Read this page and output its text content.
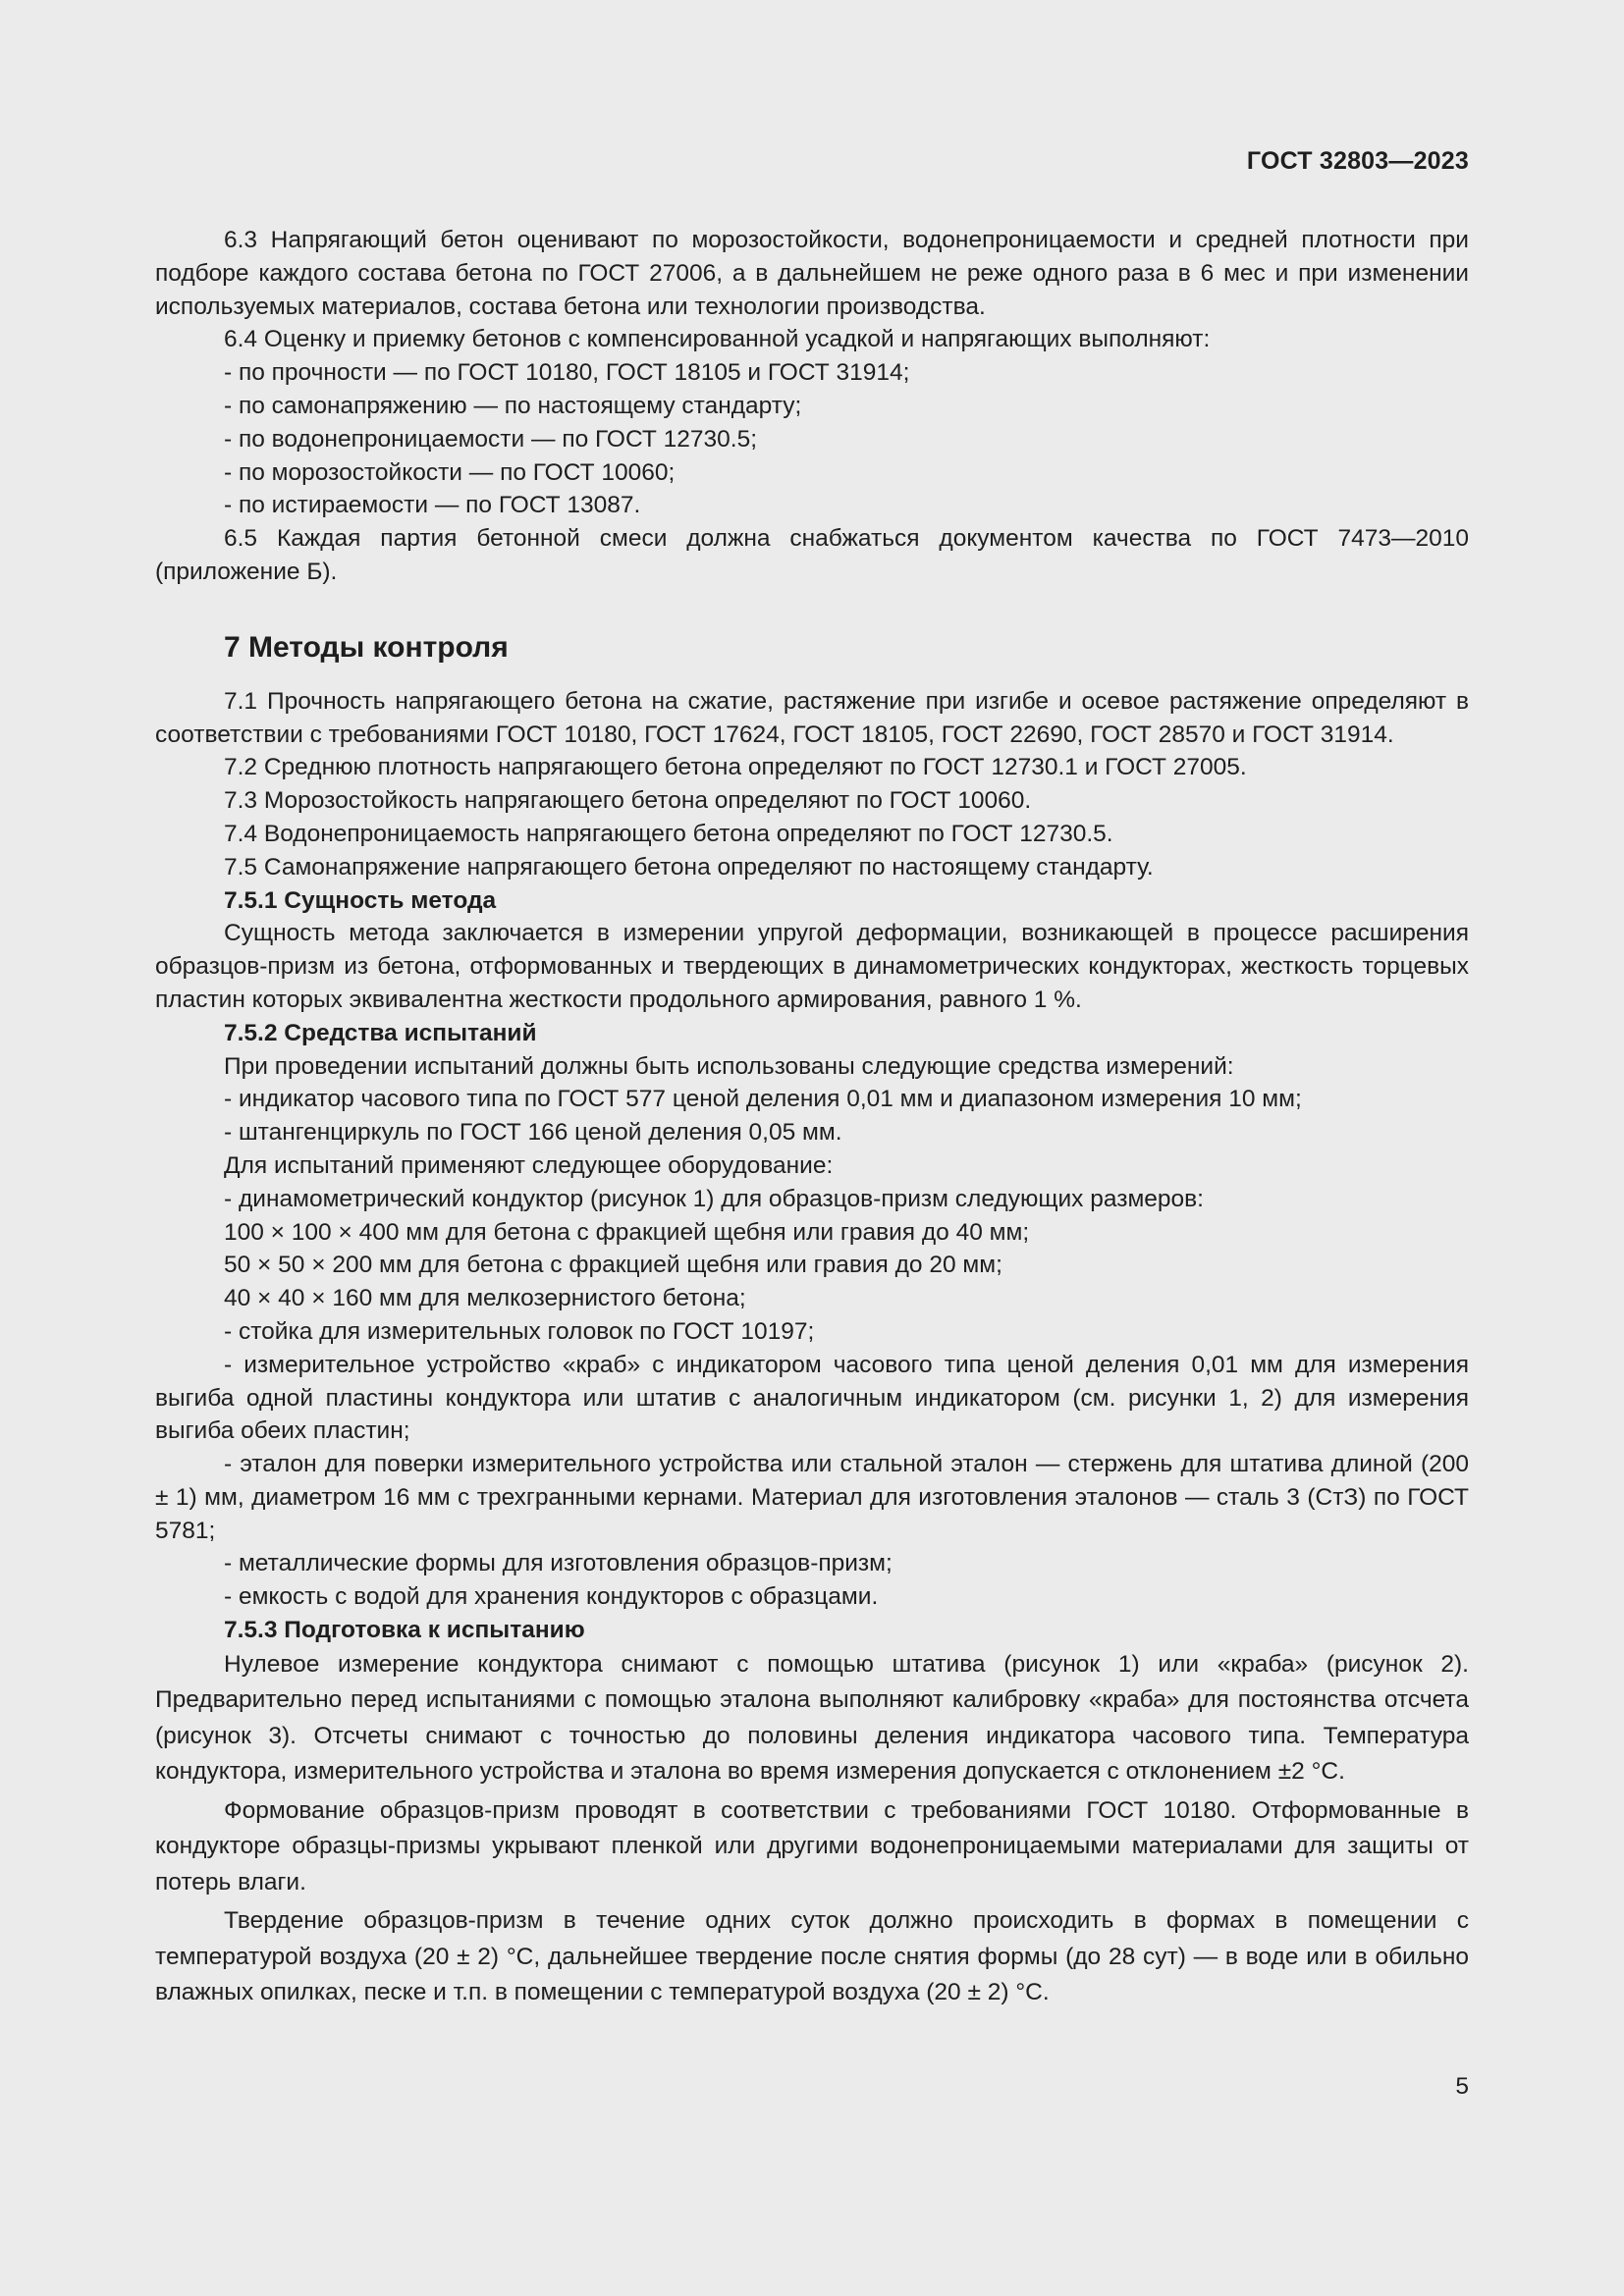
ГОСТ 32803—2023

6.3 Напрягающий бетон оценивают по морозостойкости, водонепроницаемости и средней плотности при подборе каждого состава бетона по ГОСТ 27006, а в дальнейшем не реже одного раза в 6 мес и при изменении используемых материалов, состава бетона или технологии производства.

6.4 Оценку и приемку бетонов с компенсированной усадкой и напрягающих выполняют:

- по прочности — по ГОСТ 10180, ГОСТ 18105 и ГОСТ 31914;

- по самонапряжению — по настоящему стандарту;

- по водонепроницаемости — по ГОСТ 12730.5;

- по морозостойкости — по ГОСТ 10060;

- по истираемости — по ГОСТ 13087.

6.5 Каждая партия бетонной смеси должна снабжаться документом качества по ГОСТ 7473—2010 (приложение Б).

7 Методы контроля

7.1 Прочность напрягающего бетона на сжатие, растяжение при изгибе и осевое растяжение определяют в соответствии с требованиями ГОСТ 10180, ГОСТ 17624, ГОСТ 18105, ГОСТ 22690, ГОСТ 28570 и ГОСТ 31914.

7.2 Среднюю плотность напрягающего бетона определяют по ГОСТ 12730.1 и ГОСТ 27005.

7.3 Морозостойкость напрягающего бетона определяют по ГОСТ 10060.

7.4 Водонепроницаемость напрягающего бетона определяют по ГОСТ 12730.5.

7.5 Самонапряжение напрягающего бетона определяют по настоящему стандарту.

7.5.1 Сущность метода

Сущность метода заключается в измерении упругой деформации, возникающей в процессе расширения образцов-призм из бетона, отформованных и твердеющих в динамометрических кондукторах, жесткость торцевых пластин которых эквивалентна жесткости продольного армирования, равного 1 %.

7.5.2 Средства испытаний

При проведении испытаний должны быть использованы следующие средства измерений:

- индикатор часового типа по ГОСТ 577 ценой деления 0,01 мм и диапазоном измерения 10 мм;

- штангенциркуль по ГОСТ 166 ценой деления 0,05 мм.

Для испытаний применяют следующее оборудование:

- динамометрический кондуктор (рисунок 1) для образцов-призм следующих размеров:

100 × 100 × 400 мм для бетона с фракцией щебня или гравия до 40 мм;

50 × 50 × 200 мм для бетона с фракцией щебня или гравия до 20 мм;

40 × 40 × 160 мм для мелкозернистого бетона;

- стойка для измерительных головок по ГОСТ 10197;

- измерительное устройство «краб» с индикатором часового типа ценой деления 0,01 мм для измерения выгиба одной пластины кондуктора или штатив с аналогичным индикатором (см. рисунки 1, 2) для измерения выгиба обеих пластин;

- эталон для поверки измерительного устройства или стальной эталон — стержень для штатива длиной (200 ± 1) мм, диаметром 16 мм с трехгранными кернами. Материал для изготовления эталонов — сталь 3 (СтЗ) по ГОСТ 5781;

- металлические формы для изготовления образцов-призм;

- емкость с водой для хранения кондукторов с образцами.

7.5.3 Подготовка к испытанию

Нулевое измерение кондуктора снимают с помощью штатива (рисунок 1) или «краба» (рисунок 2). Предварительно перед испытаниями с помощью эталона выполняют калибровку «краба» для постоянства отсчета (рисунок 3). Отсчеты снимают с точностью до половины деления индикатора часового типа. Температура кондуктора, измерительного устройства и эталона во время измерения допускается с отклонением ±2 °С.

Формование образцов-призм проводят в соответствии с требованиями ГОСТ 10180. Отформованные в кондукторе образцы-призмы укрывают пленкой или другими водонепроницаемыми материалами для защиты от потерь влаги.

Твердение образцов-призм в течение одних суток должно происходить в формах в помещении с температурой воздуха (20 ± 2) °С, дальнейшее твердение после снятия формы (до 28 сут) — в воде или в обильно влажных опилках, песке и т.п. в помещении с температурой воздуха (20 ± 2) °С.

5
